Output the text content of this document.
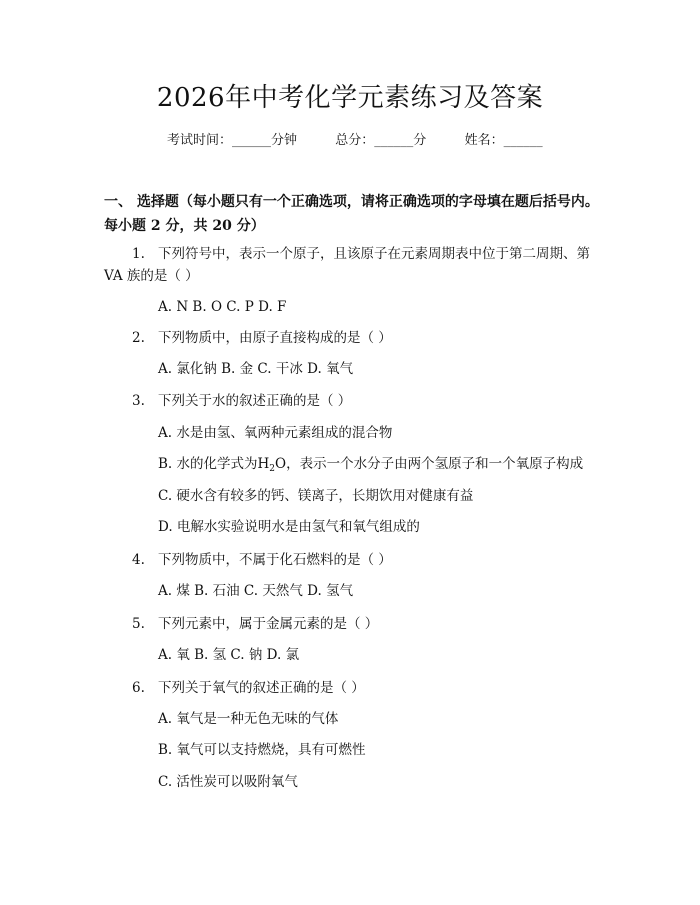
2026年中考化学元素练习及答案
考试时间：______分钟	总分：______分	姓名：______
一、 选择题（每小题只有一个正确选项，请将正确选项的字母填在题后括号内。
每小题 2 分，共 20 分）
1. 下列符号中，表示一个原子，且该原子在元素周期表中位于第二周期、第
VA 族的是（ ）
A. N B. O C. P D. F
2. 下列物质中，由原子直接构成的是（ ）
A. 氯化钠 B. 金 C. 干冰 D. 氧气
3. 下列关于水的叙述正确的是（ ）
A. 水是由氢、氧两种元素组成的混合物
B. 水的化学式为$H_2O$，表示一个水分子由两个氢原子和一个氧原子构成
C. 硬水含有较多的钙、镁离子，长期饮用对健康有益
D. 电解水实验说明水是由氢气和氧气组成的
4. 下列物质中，不属于化石燃料的是（ ）
A. 煤 B. 石油 C. 天然气 D. 氢气
5. 下列元素中，属于金属元素的是（ ）
A. 氧 B. 氢 C. 钠 D. 氯
6. 下列关于氧气的叙述正确的是（ ）
A. 氧气是一种无色无味的气体
B. 氧气可以支持燃烧，具有可燃性
C. 活性炭可以吸附氧气
